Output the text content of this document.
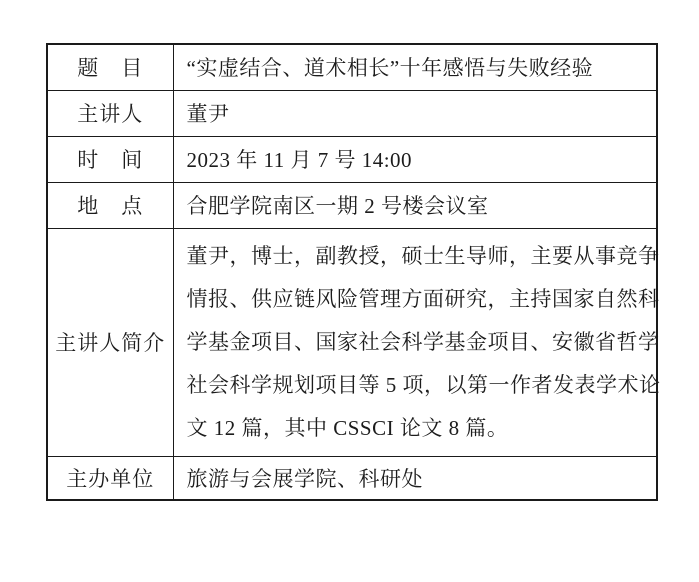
题　目	“实虚结合、道术相长”十年感悟与失败经验
主讲人	董尹
时　间	2023 年 11 月 7 号 14:00
地　点	合肥学院南区一期 2 号楼会议室
主讲人简介	董尹，博士，副教授，硕士生导师，主要从事竞争
情报、供应链风险管理方面研究，主持国家自然科
学基金项目、国家社会科学基金项目、安徽省哲学
社会科学规划项目等 5 项，以第一作者发表学术论
文 12 篇，其中 CSSCI 论文 8 篇。

主办单位	旅游与会展学院、科研处
